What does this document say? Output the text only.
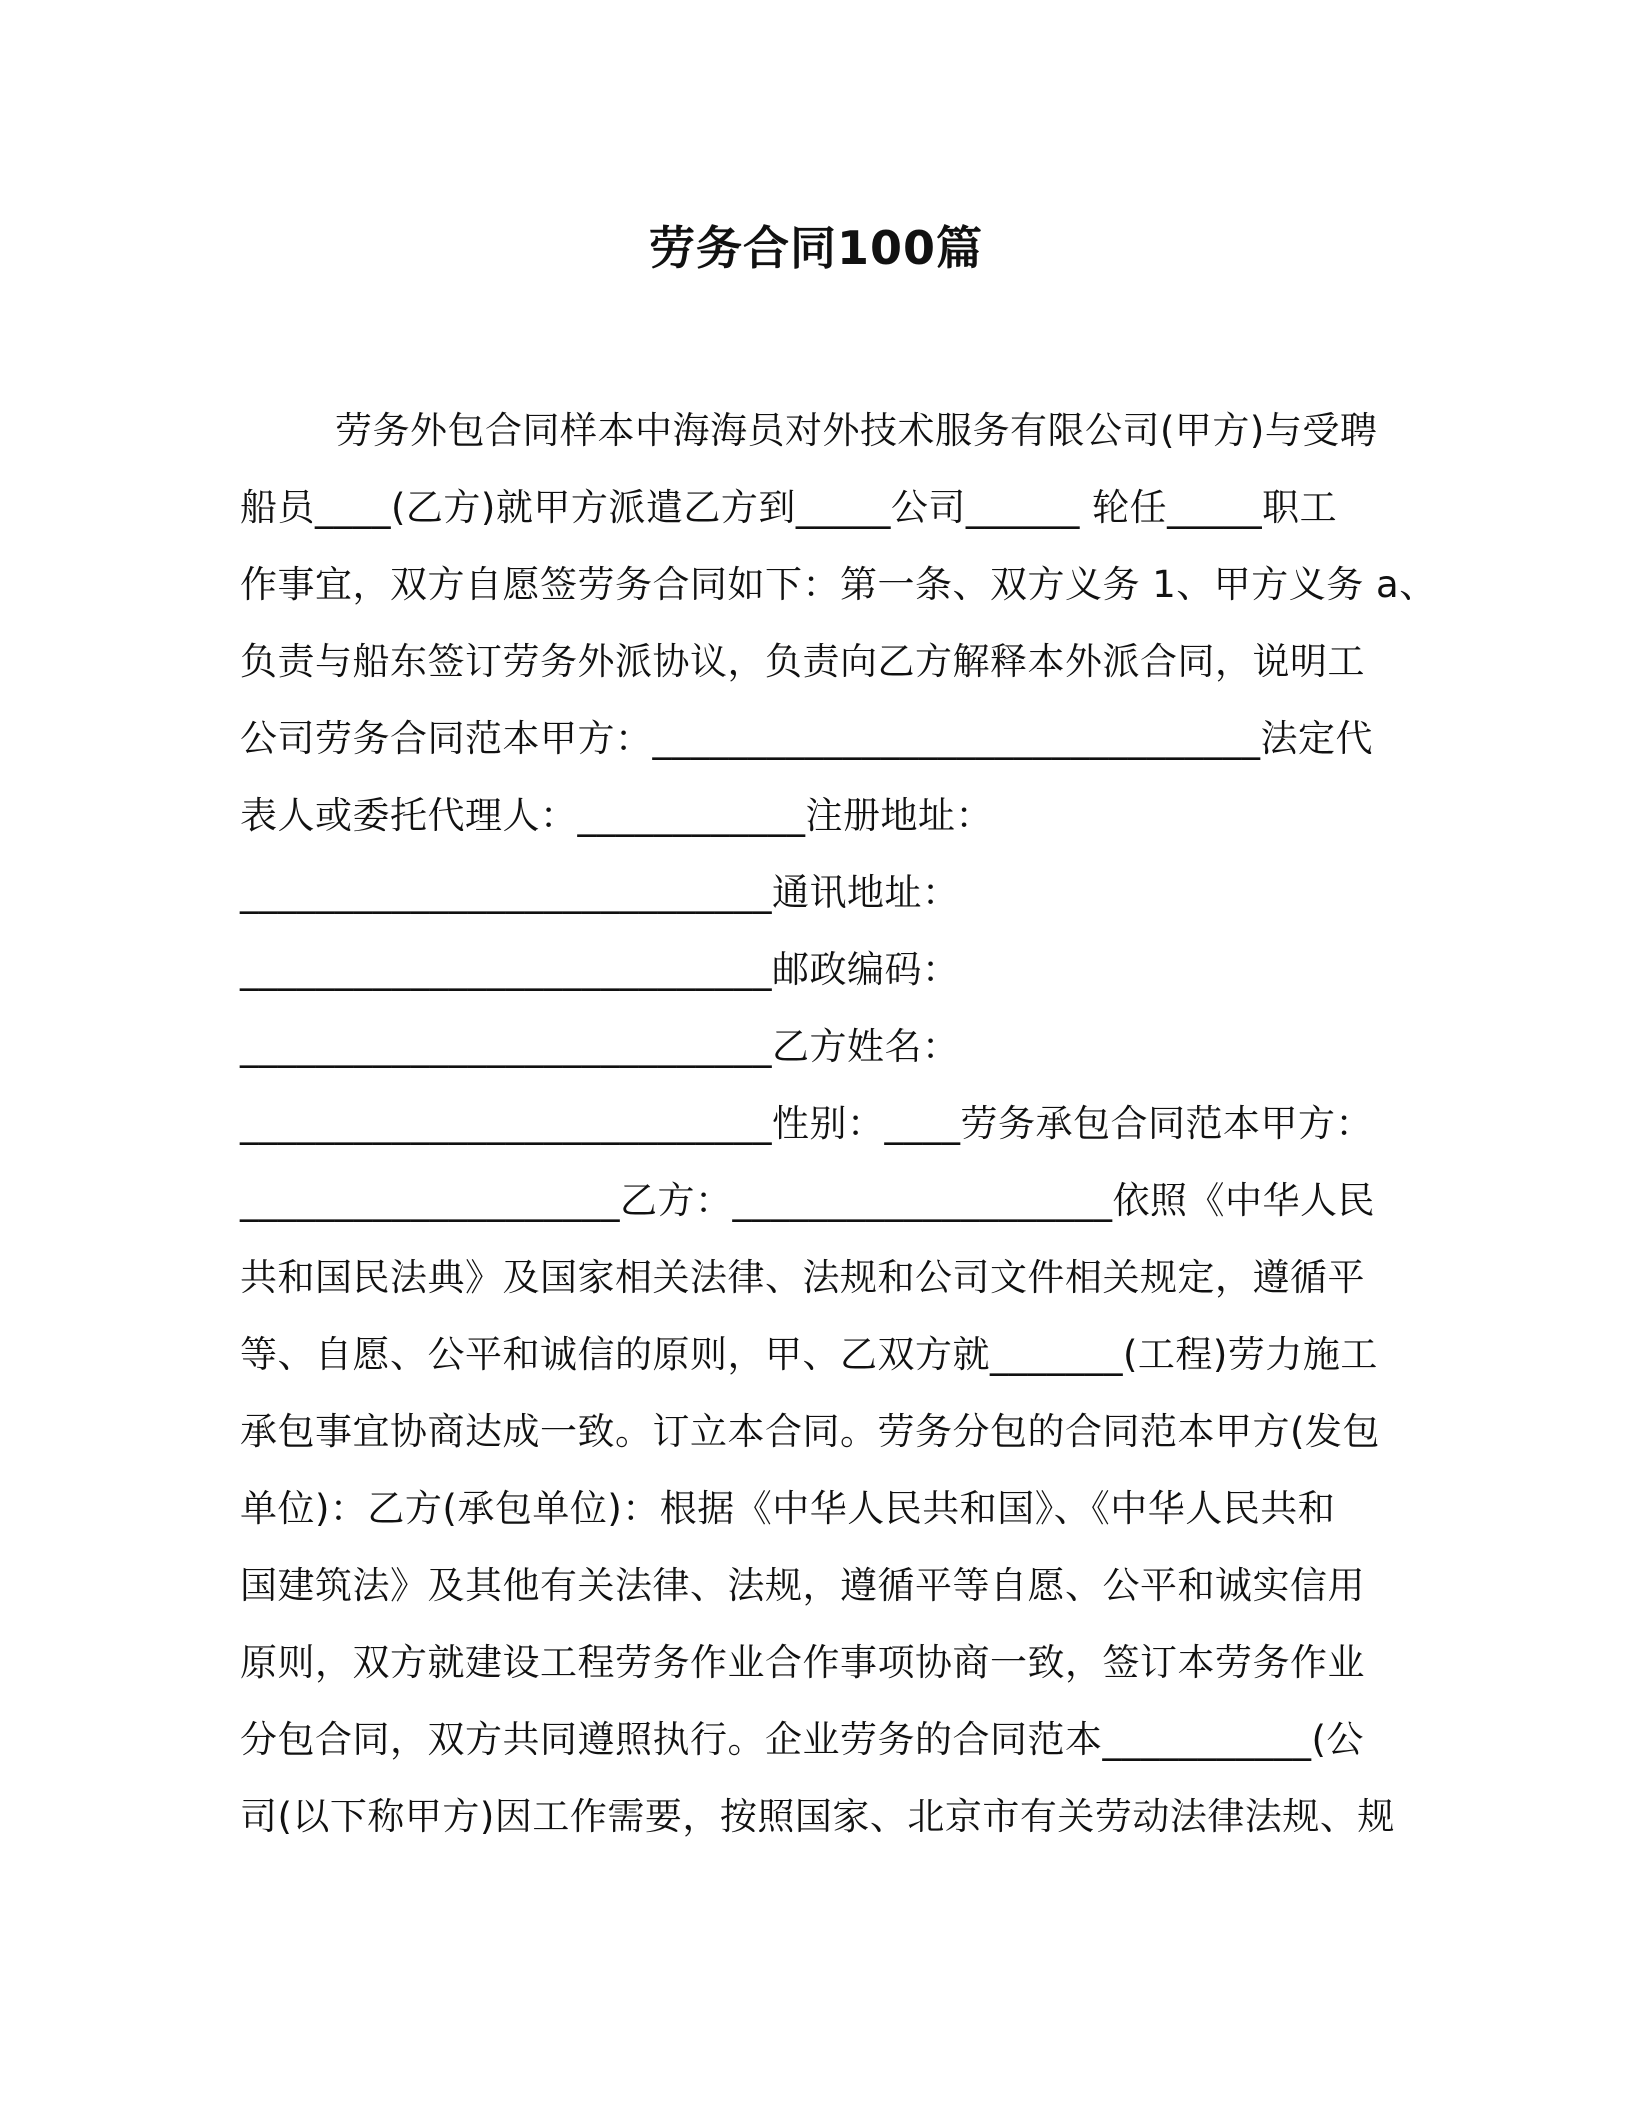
劳务合同100篇
劳务外包合同样本中海海员对外技术服务有限公司(甲方)与受聘
船员____(乙方)就甲方派遣乙方到_____公司______ 轮任_____职工
作事宜，双方自愿签劳务合同如下：第一条、双方义务 1、甲方义务 a、
负责与船东签订劳务外派协议，负责向乙方解释本外派合同，说明工
公司劳务合同范本甲方：________________________________法定代
表人或委托代理人：____________注册地址：
____________________________通讯地址：
____________________________邮政编码：
____________________________乙方姓名：
____________________________性别：____劳务承包合同范本甲方：
____________________乙方：____________________依照《中华人民
共和国民法典》及国家相关法律、法规和公司文件相关规定，遵循平
等、自愿、公平和诚信的原则，甲、乙双方就_______(工程)劳力施工
承包事宜协商达成一致。订立本合同。劳务分包的合同范本甲方(发包
单位)：乙方(承包单位)：根据《中华人民共和国》、《中华人民共和
国建筑法》及其他有关法律、法规，遵循平等自愿、公平和诚实信用
原则，双方就建设工程劳务作业合作事项协商一致，签订本劳务作业
分包合同，双方共同遵照执行。企业劳务的合同范本___________(公
司(以下称甲方)因工作需要，按照国家、北京市有关劳动法律法规、规
